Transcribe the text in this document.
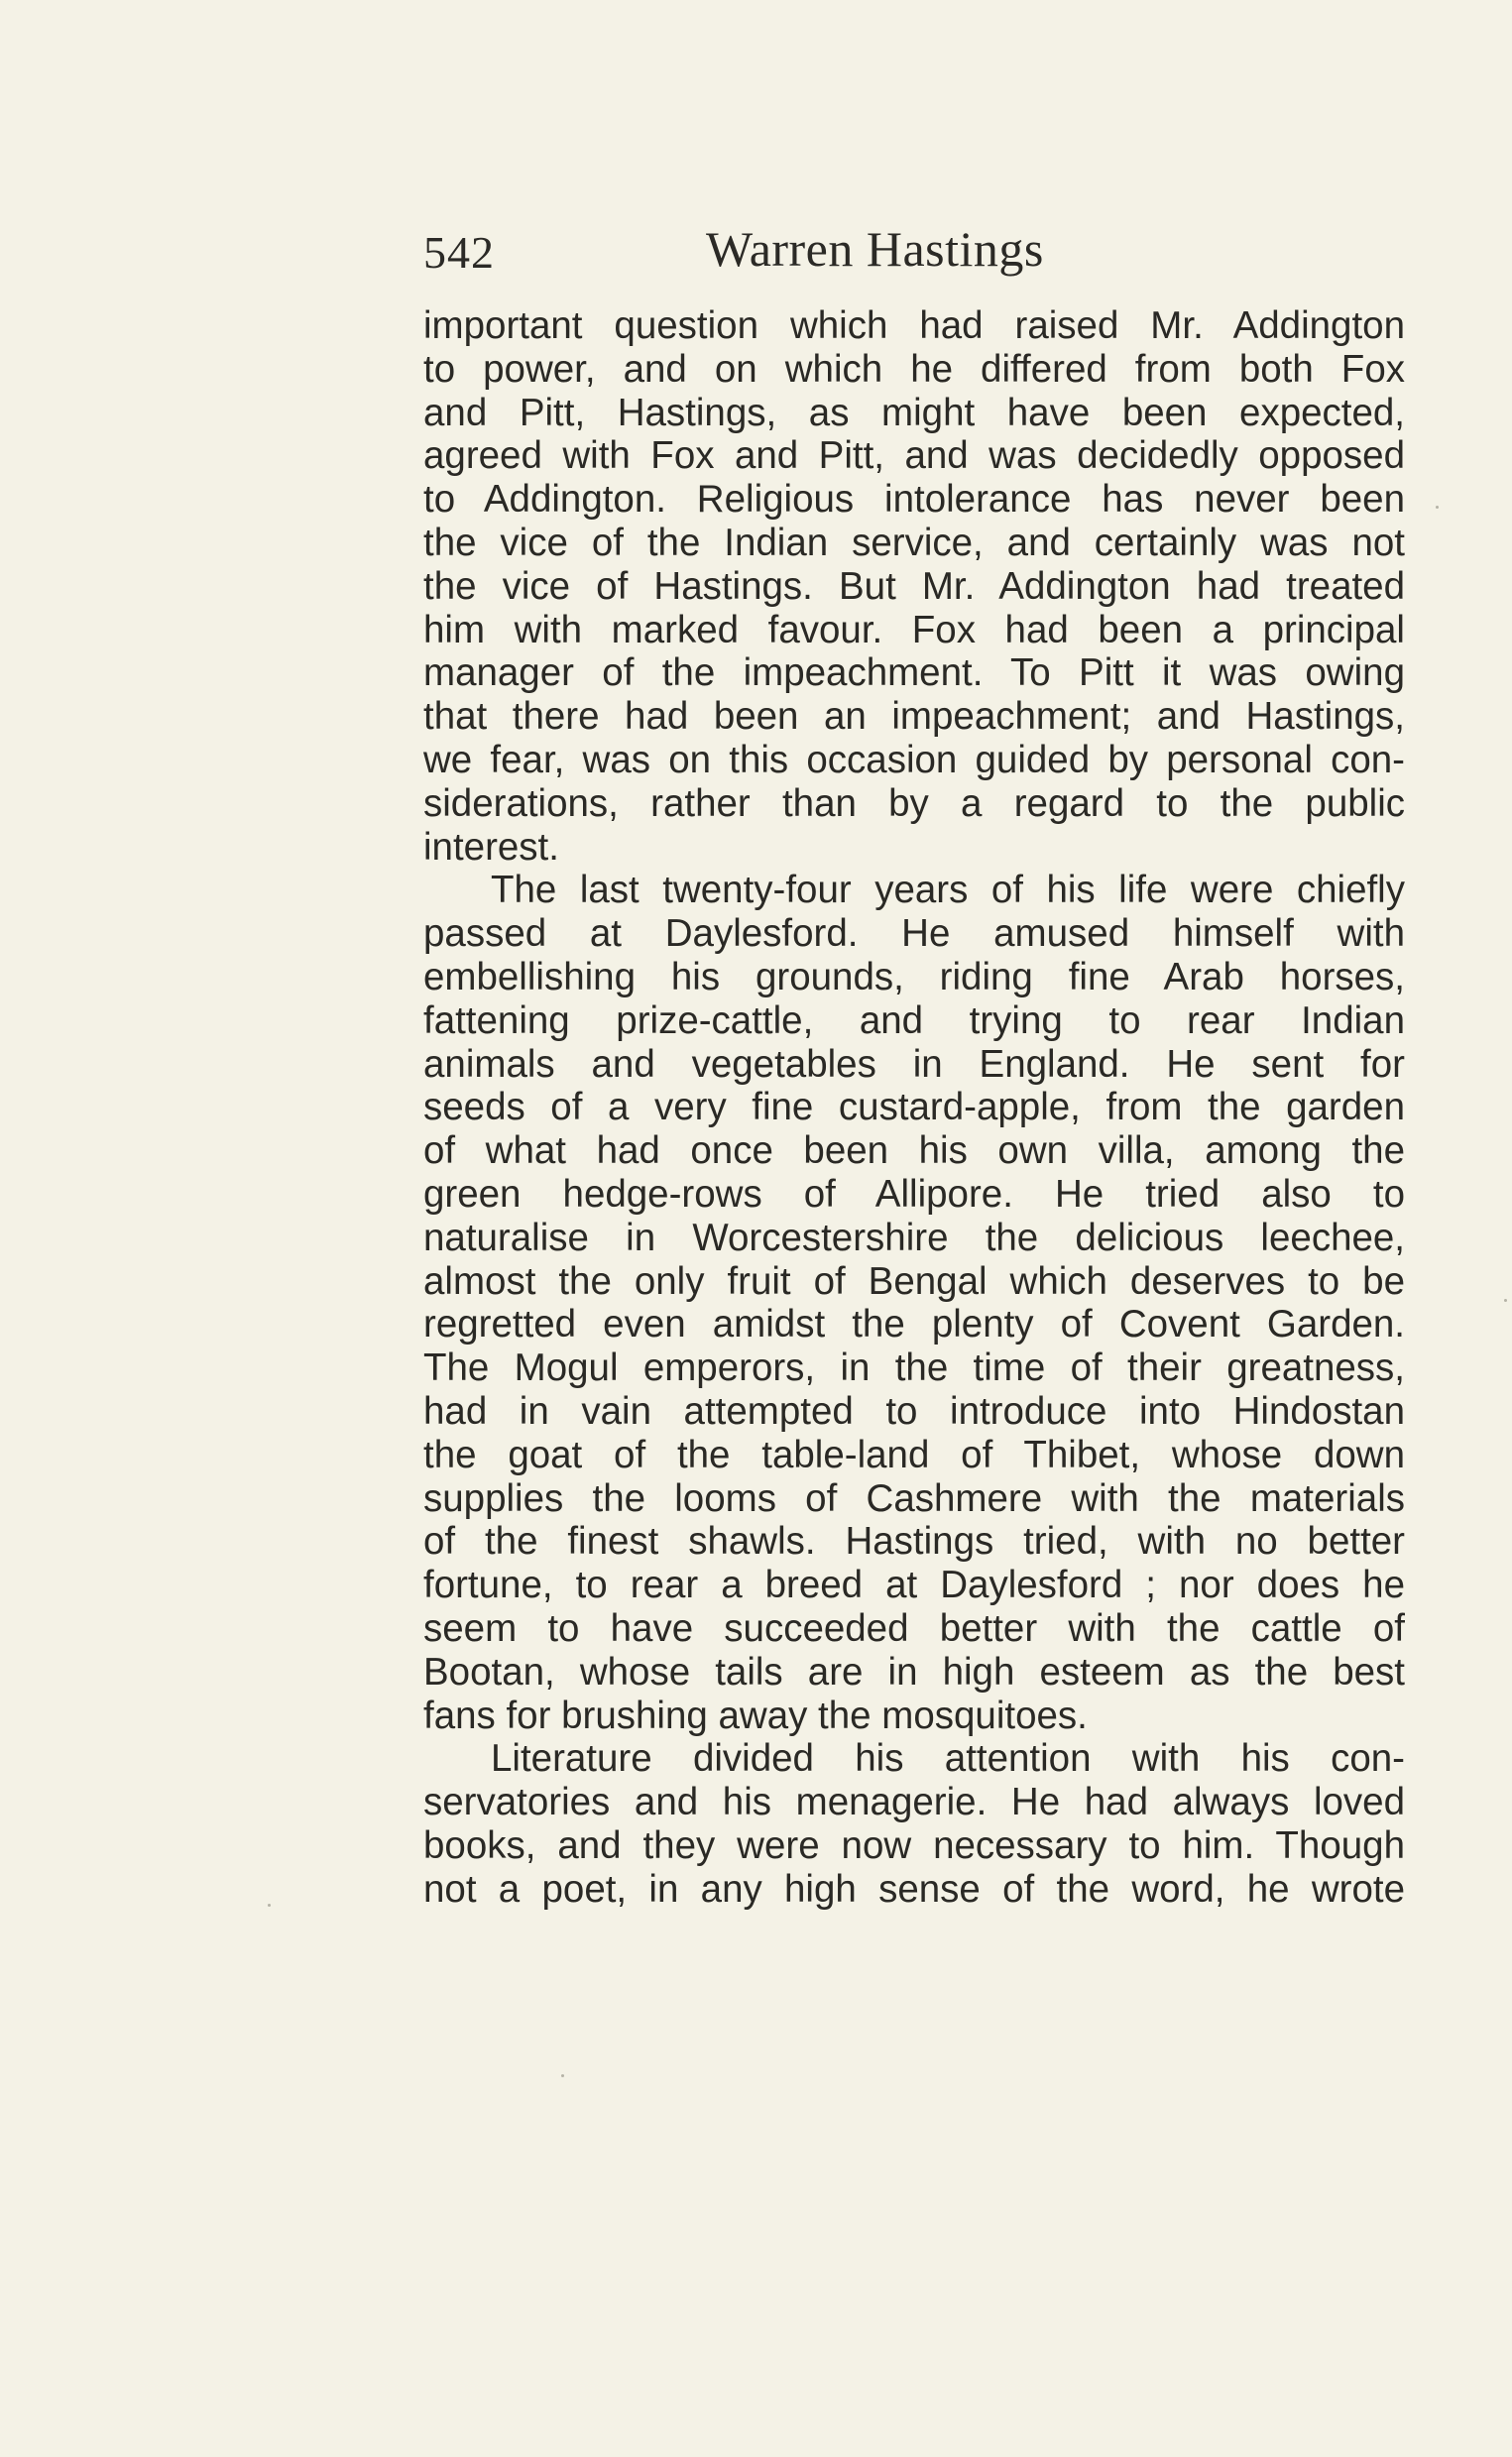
542	Warren Hastings
important question which had raised Mr. Addington
to power, and on which he differed from both Fox
and Pitt, Hastings, as might have been expected,
agreed with Fox and Pitt, and was decidedly opposed
to Addington. Religious intolerance has never been
the vice of the Indian service, and certainly was not
the vice of Hastings. But Mr. Addington had treated
him with marked favour. Fox had been a principal
manager of the impeachment. To Pitt it was owing
that there had been an impeachment; and Hastings,
we fear, was on this occasion guided by personal con-
siderations, rather than by a regard to the public
interest.
The last twenty-four years of his life were chiefly
passed at Daylesford. He amused himself with
embellishing his grounds, riding fine Arab horses,
fattening prize-cattle, and trying to rear Indian
animals and vegetables in England. He sent for
seeds of a very fine custard-apple, from the garden
of what had once been his own villa, among the
green hedge-rows of Allipore. He tried also to
naturalise in Worcestershire the delicious leechee,
almost the only fruit of Bengal which deserves to be
regretted even amidst the plenty of Covent Garden.
The Mogul emperors, in the time of their greatness,
had in vain attempted to introduce into Hindostan
the goat of the table-land of Thibet, whose down
supplies the looms of Cashmere with the materials
of the finest shawls. Hastings tried, with no better
fortune, to rear a breed at Daylesford ; nor does he
seem to have succeeded better with the cattle of
Bootan, whose tails are in high esteem as the best
fans for brushing away the mosquitoes.
Literature divided his attention with his con-
servatories and his menagerie. He had always loved
books, and they were now necessary to him. Though
not a poet, in any high sense of the word, he wrote
